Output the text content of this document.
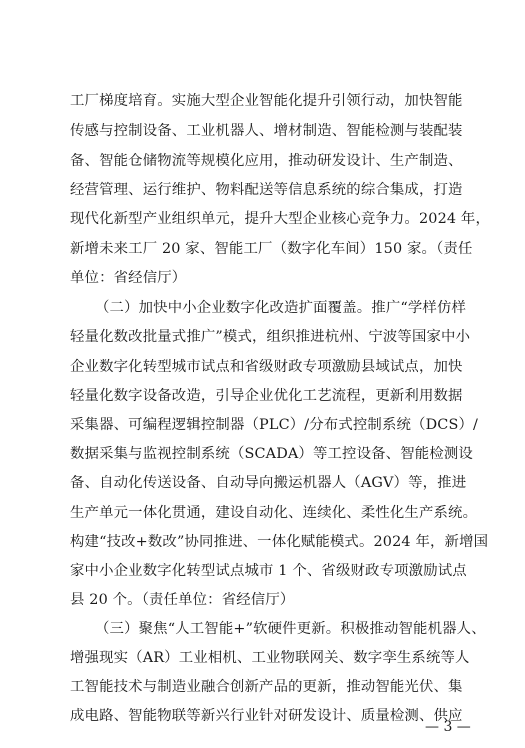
工厂梯度培育。实施大型企业智能化提升引领行动，加快智能
传感与控制设备、工业机器人、增材制造、智能检测与装配装
备、智能仓储物流等规模化应用，推动研发设计、生产制造、
经营管理、运行维护、物料配送等信息系统的综合集成，打造
现代化新型产业组织单元，提升大型企业核心竞争力。2024 年，
新增未来工厂 20 家、智能工厂（数字化车间）150 家。（责任
单位：省经信厅）
（二）加快中小企业数字化改造扩面覆盖。推广“学样仿样
轻量化数改批量式推广”模式，组织推进杭州、宁波等国家中小
企业数字化转型城市试点和省级财政专项激励县域试点，加快
轻量化数字设备改造，引导企业优化工艺流程，更新利用数据
采集器、可编程逻辑控制器（PLC）/分布式控制系统（DCS）/
数据采集与监视控制系统（SCADA）等工控设备、智能检测设
备、自动化传送设备、自动导向搬运机器人（AGV）等，推进
生产单元一体化贯通，建设自动化、连续化、柔性化生产系统。
构建“技改+数改”协同推进、一体化赋能模式。2024 年，新增国
家中小企业数字化转型试点城市 1 个、省级财政专项激励试点
县 20 个。（责任单位：省经信厅）
（三）聚焦“人工智能+”软硬件更新。积极推动智能机器人、
增强现实（AR）工业相机、工业物联网关、数字孪生系统等人
工智能技术与制造业融合创新产品的更新，推动智能光伏、集
成电路、智能物联等新兴行业针对研发设计、质量检测、供应
— 3 —
